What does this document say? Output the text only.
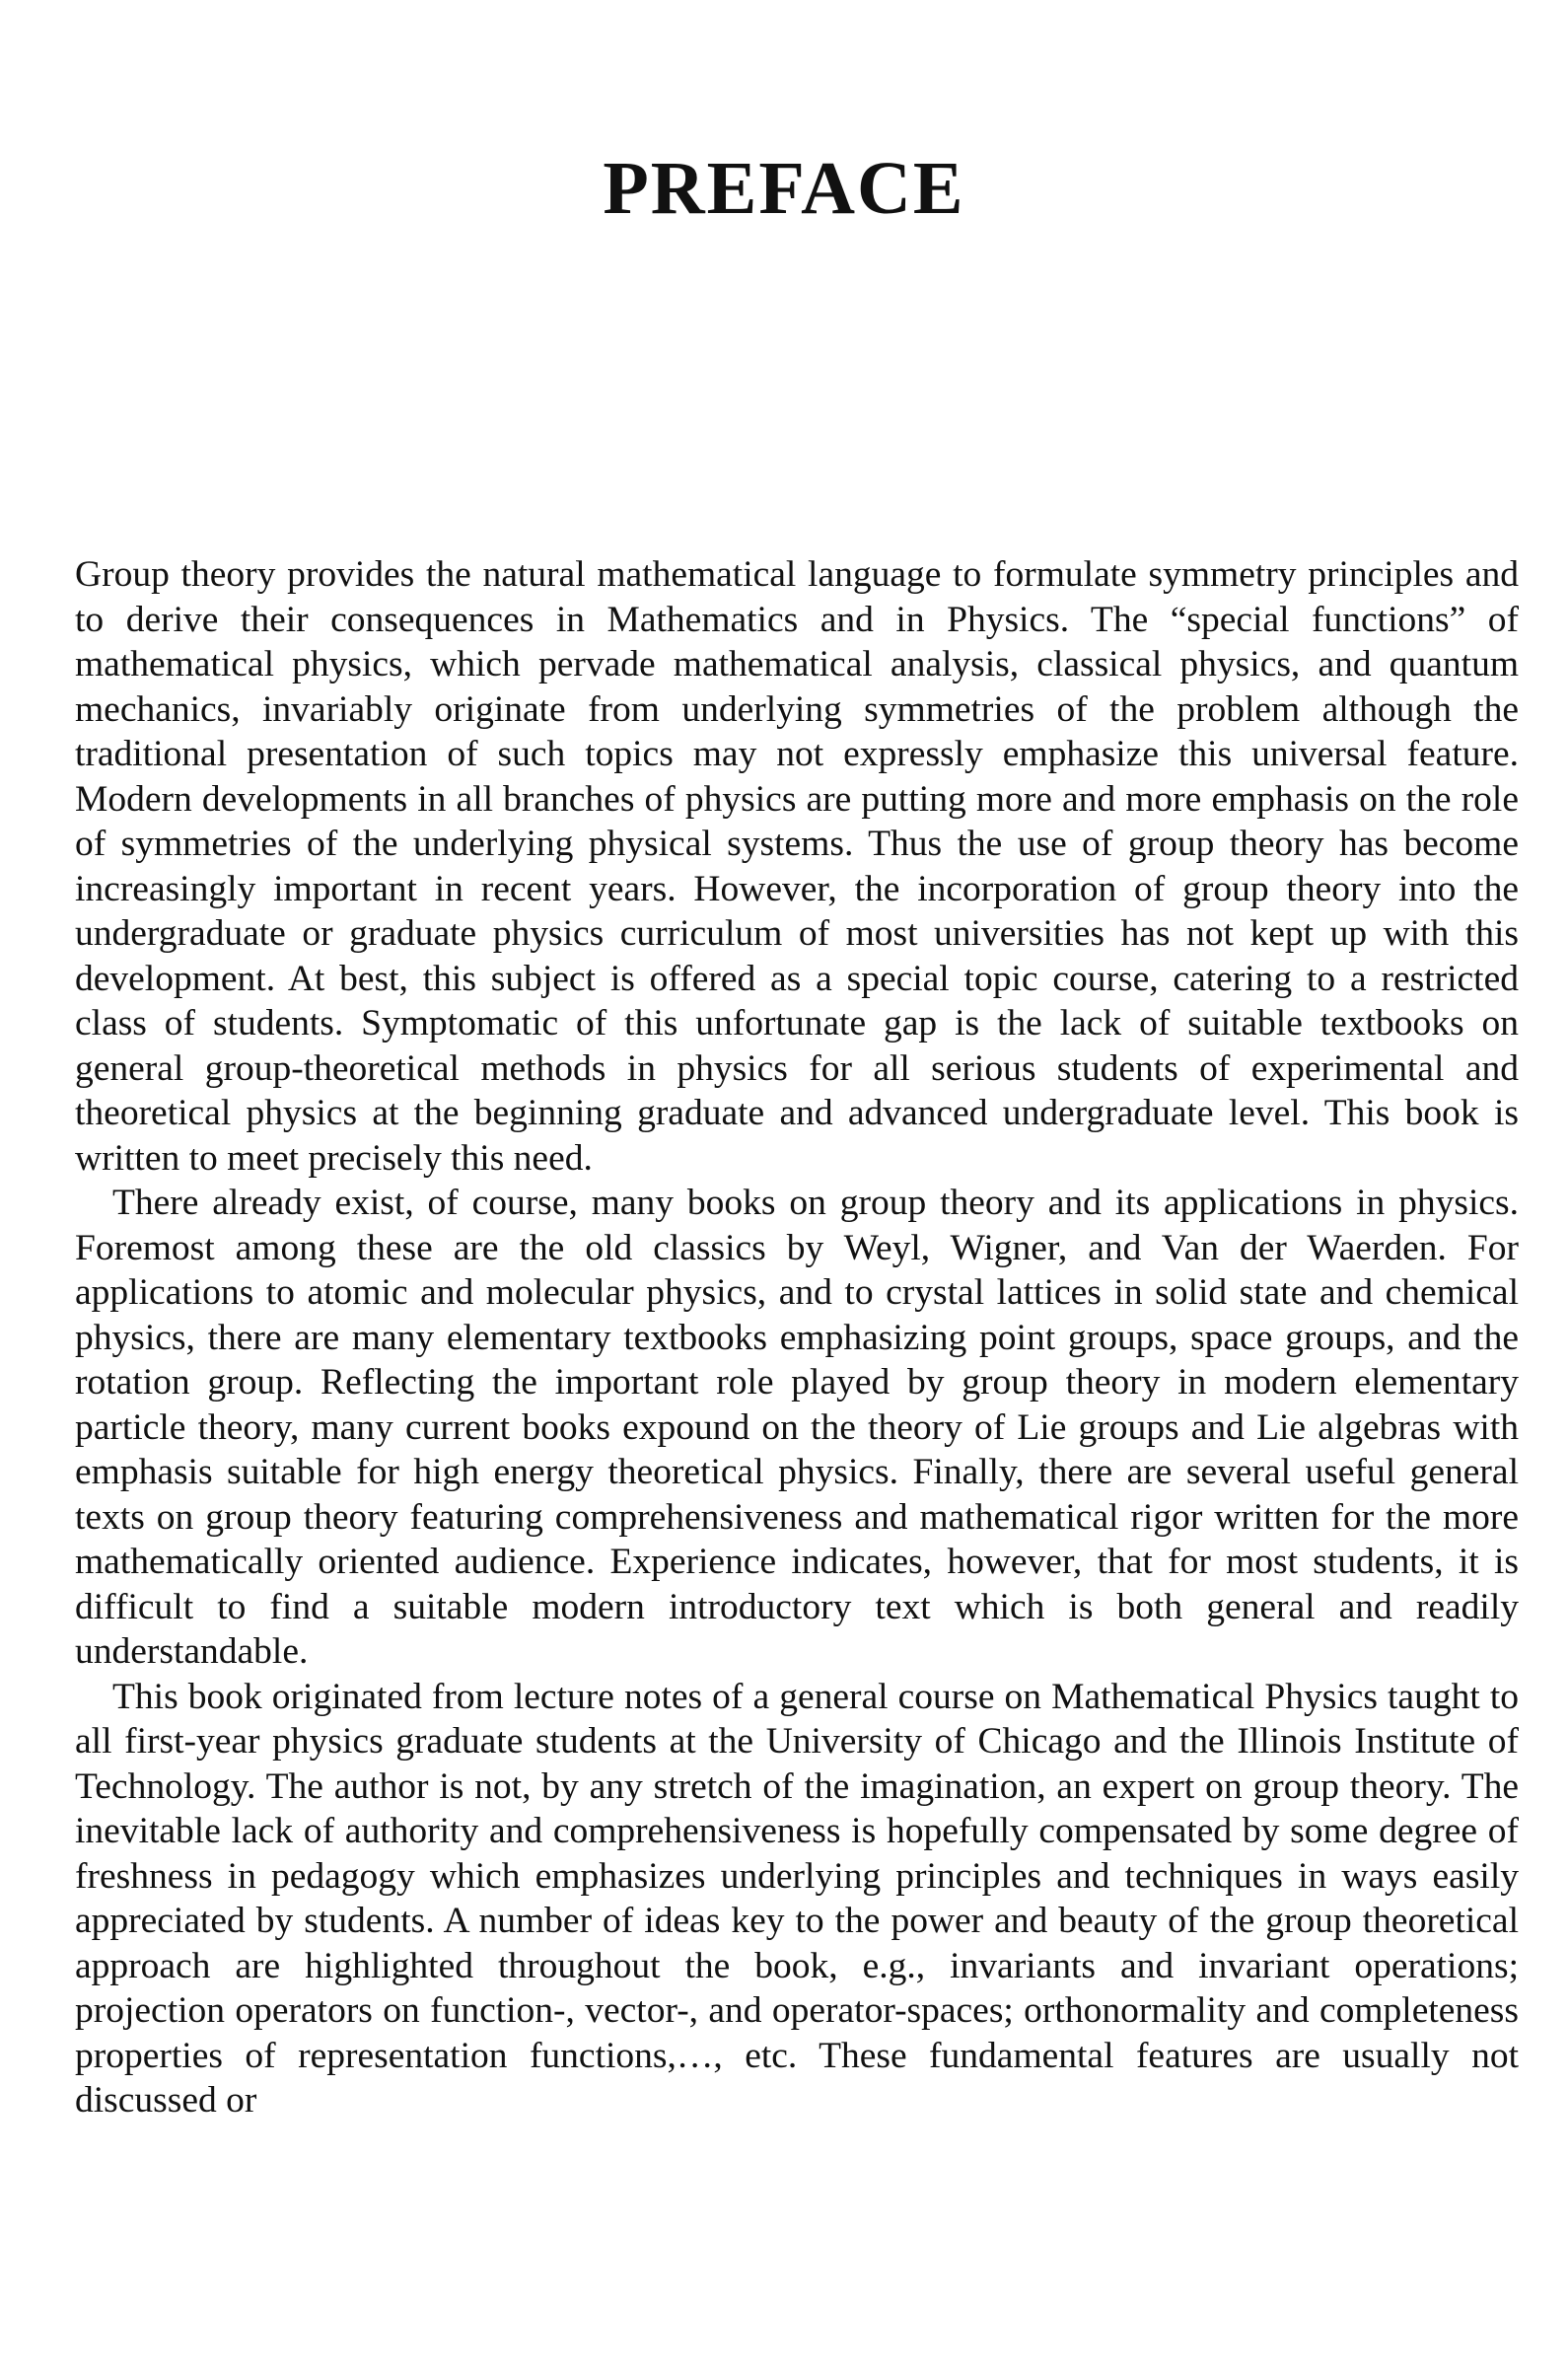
PREFACE

Group theory provides the natural mathematical language to formulate symmetry principles and to derive their consequences in Mathematics and in Physics. The “special functions” of mathematical physics, which pervade mathematical analysis, classical physics, and quantum mechanics, invariably originate from underlying symmetries of the problem although the traditional presentation of such topics may not expressly emphasize this universal feature. Modern developments in all branches of physics are putting more and more emphasis on the role of symmetries of the underlying physical systems. Thus the use of group theory has become increasingly important in recent years. However, the incorporation of group theory into the undergraduate or graduate physics curriculum of most universities has not kept up with this development. At best, this subject is offered as a special topic course, catering to a restricted class of students. Symptomatic of this unfortunate gap is the lack of suitable textbooks on general group-theoretical methods in physics for all serious students of experimental and theoretical physics at the beginning graduate and advanced undergraduate level. This book is written to meet precisely this need.

There already exist, of course, many books on group theory and its applications in physics. Foremost among these are the old classics by Weyl, Wigner, and Van der Waerden. For applications to atomic and molecular physics, and to crystal lattices in solid state and chemical physics, there are many elementary textbooks emphasizing point groups, space groups, and the rotation group. Reflecting the important role played by group theory in modern elementary particle theory, many current books expound on the theory of Lie groups and Lie algebras with emphasis suitable for high energy theoretical physics. Finally, there are several useful general texts on group theory featuring comprehensiveness and mathematical rigor written for the more mathematically oriented audience. Experience indicates, however, that for most students, it is difficult to find a suitable modern introductory text which is both general and readily understandable.

This book originated from lecture notes of a general course on Mathematical Physics taught to all first-year physics graduate students at the University of Chicago and the Illinois Institute of Technology. The author is not, by any stretch of the imagination, an expert on group theory. The inevitable lack of authority and comprehensiveness is hopefully compensated by some degree of freshness in pedagogy which emphasizes underlying principles and techniques in ways easily appreciated by students. A number of ideas key to the power and beauty of the group theoretical approach are highlighted throughout the book, e.g., invariants and invariant operations; projection operators on function-, vector-, and operator-spaces; orthonormality and completeness properties of representation functions,…, etc. These fundamental features are usually not discussed or
